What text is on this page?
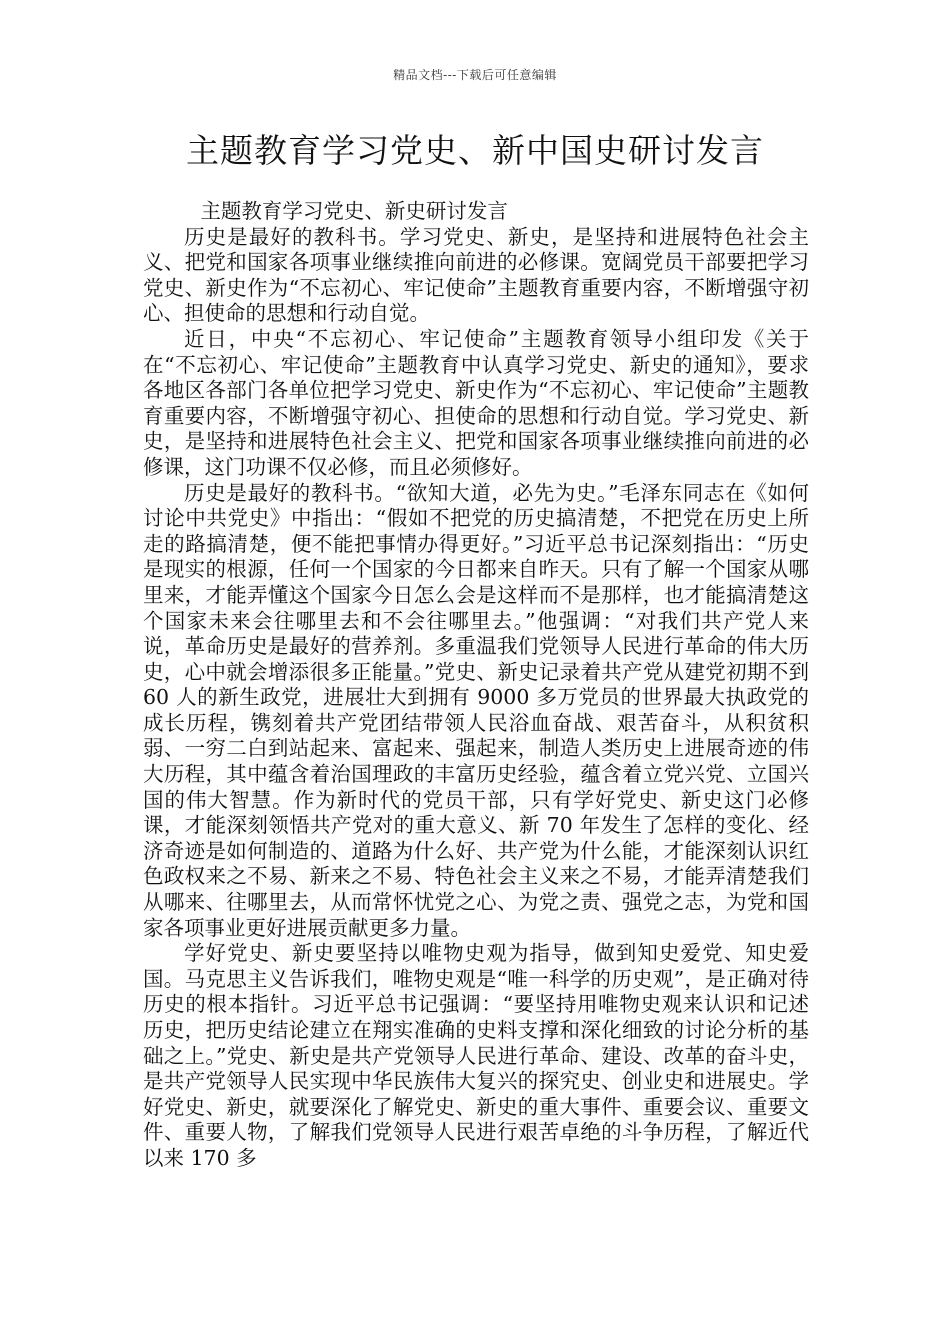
精品文档---下载后可任意编辑
主题教育学习党史、新中国史研讨发言

主题教育学习党史、新史研讨发言

历史是最好的教科书。学习党史、新史，是坚持和进展特色社会主义、把党和国家各项事业继续推向前进的必修课。宽阔党员干部要把学习党史、新史作为“不忘初心、牢记使命”主题教育重要内容，不断增强守初心、担使命的思想和行动自觉。

近日，中央“不忘初心、牢记使命”主题教育领导小组印发《关于在“不忘初心、牢记使命”主题教育中认真学习党史、新史的通知》，要求各地区各部门各单位把学习党史、新史作为“不忘初心、牢记使命”主题教育重要内容，不断增强守初心、担使命的思想和行动自觉。学习党史、新史，是坚持和进展特色社会主义、把党和国家各项事业继续推向前进的必修课，这门功课不仅必修，而且必须修好。

历史是最好的教科书。“欲知大道，必先为史。”毛泽东同志在《如何讨论中共党史》中指出：“假如不把党的历史搞清楚，不把党在历史上所走的路搞清楚，便不能把事情办得更好。”习近平总书记深刻指出：“历史是现实的根源，任何一个国家的今日都来自昨天。只有了解一个国家从哪里来，才能弄懂这个国家今日怎么会是这样而不是那样，也才能搞清楚这个国家未来会往哪里去和不会往哪里去。”他强调：“对我们共产党人来说，革命历史是最好的营养剂。多重温我们党领导人民进行革命的伟大历史，心中就会增添很多正能量。”党史、新史记录着共产党从建党初期不到 60 人的新生政党，进展壮大到拥有 9000 多万党员的世界最大执政党的成长历程，镌刻着共产党团结带领人民浴血奋战、艰苦奋斗，从积贫积弱、一穷二白到站起来、富起来、强起来，制造人类历史上进展奇迹的伟大历程，其中蕴含着治国理政的丰富历史经验，蕴含着立党兴党、立国兴国的伟大智慧。作为新时代的党员干部，只有学好党史、新史这门必修课，才能深刻领悟共产党对的重大意义、新 70 年发生了怎样的变化、经济奇迹是如何制造的、道路为什么好、共产党为什么能，才能深刻认识红色政权来之不易、新来之不易、特色社会主义来之不易，才能弄清楚我们从哪来、往哪里去，从而常怀忧党之心、为党之责、强党之志，为党和国家各项事业更好进展贡献更多力量。

学好党史、新史要坚持以唯物史观为指导，做到知史爱党、知史爱国。马克思主义告诉我们，唯物史观是“唯一科学的历史观”，是正确对待历史的根本指针。习近平总书记强调：“要坚持用唯物史观来认识和记述历史，把历史结论建立在翔实准确的史料支撑和深化细致的讨论分析的基础之上。”党史、新史是共产党领导人民进行革命、建设、改革的奋斗史，是共产党领导人民实现中华民族伟大复兴的探究史、创业史和进展史。学好党史、新史，就要深化了解党史、新史的重大事件、重要会议、重要文件、重要人物，了解我们党领导人民进行艰苦卓绝的斗争历程，了解近代以来 170 多
